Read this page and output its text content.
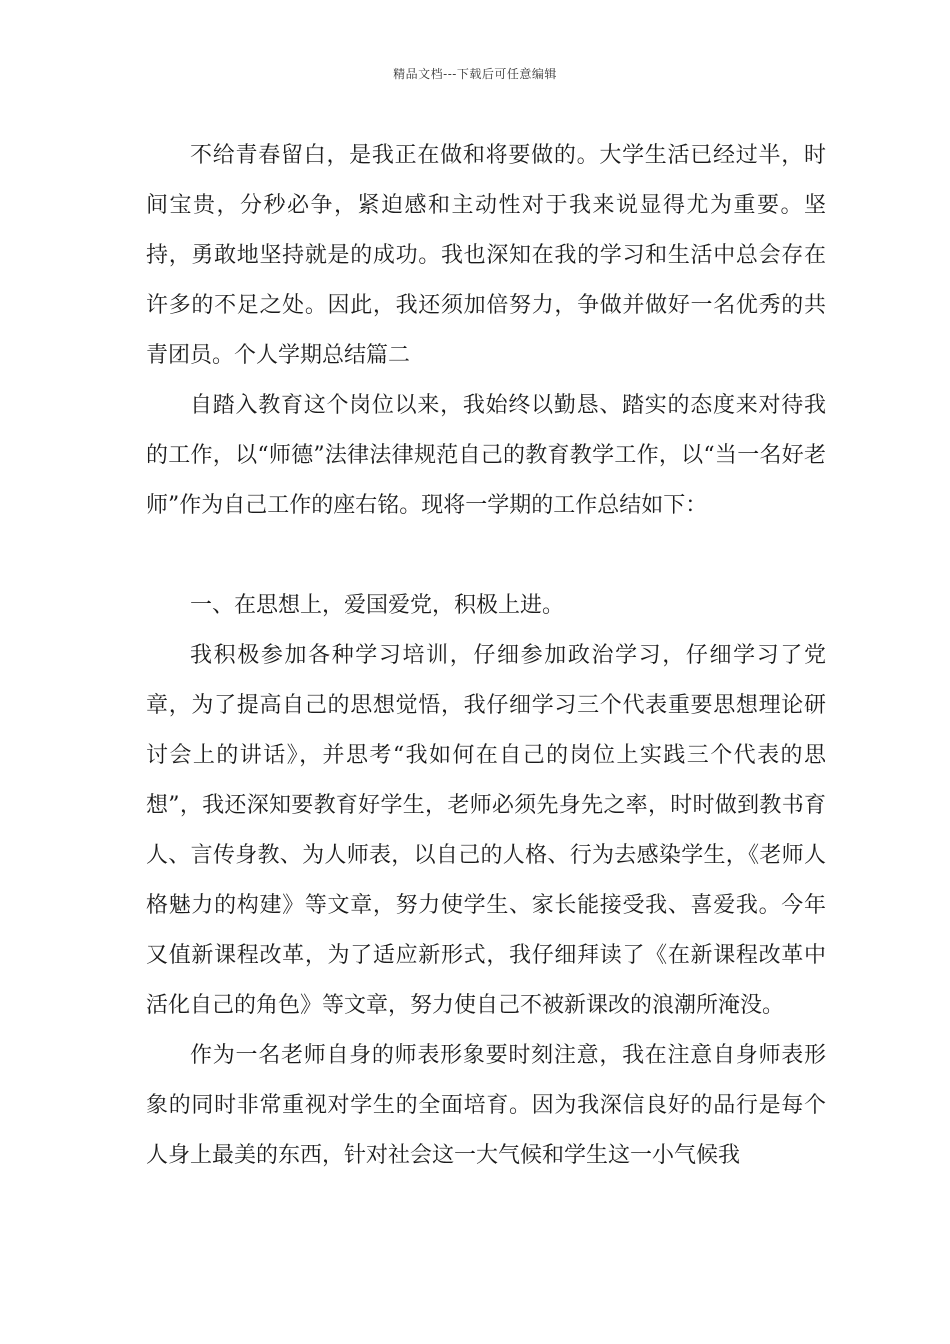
精品文档---下载后可任意编辑

不给青春留白，是我正在做和将要做的。大学生活已经过半，时间宝贵，分秒必争，紧迫感和主动性对于我来说显得尤为重要。坚持，勇敢地坚持就是的成功。我也深知在我的学习和生活中总会存在许多的不足之处。因此，我还须加倍努力，争做并做好一名优秀的共青团员。个人学期总结篇二

自踏入教育这个岗位以来，我始终以勤恳、踏实的态度来对待我的工作，以“师德”法律法律规范自己的教育教学工作，以“当一名好老师”作为自己工作的座右铭。现将一学期的工作总结如下：

一、在思想上，爱国爱党，积极上进。

我积极参加各种学习培训，仔细参加政治学习，仔细学习了党章，为了提高自己的思想觉悟，我仔细学习三个代表重要思想理论研讨会上的讲话》，并思考“我如何在自己的岗位上实践三个代表的思想”，我还深知要教育好学生，老师必须先身先之率，时时做到教书育人、言传身教、为人师表，以自己的人格、行为去感染学生，《老师人格魅力的构建》等文章，努力使学生、家长能接受我、喜爱我。今年又值新课程改革，为了适应新形式，我仔细拜读了《在新课程改革中活化自己的角色》等文章，努力使自己不被新课改的浪潮所淹没。

作为一名老师自身的师表形象要时刻注意，我在注意自身师表形象的同时非常重视对学生的全面培育。因为我深信良好的品行是每个人身上最美的东西，针对社会这一大气候和学生这一小气候我
